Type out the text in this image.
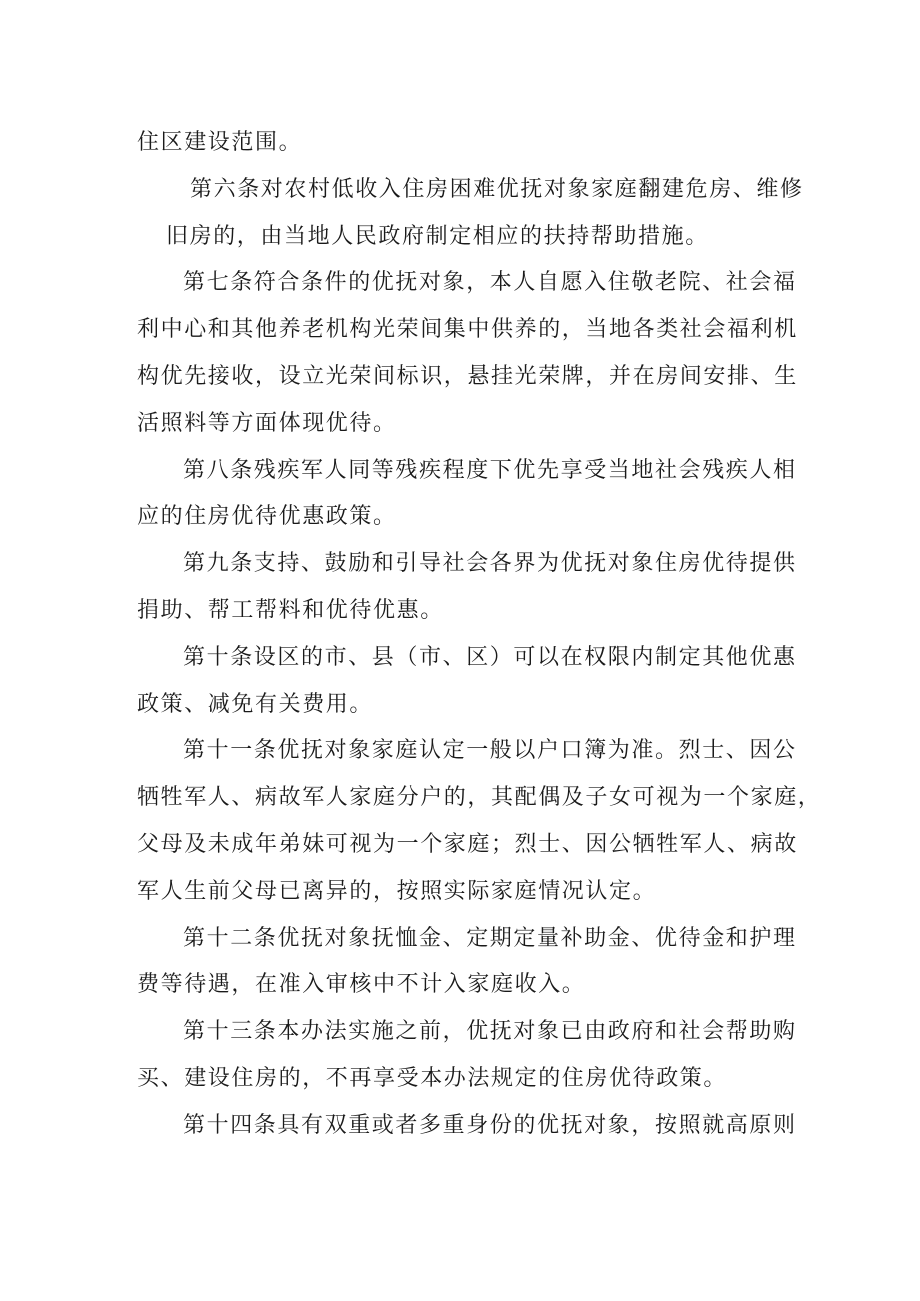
住区建设范围。
第六条对农村低收入住房困难优抚对象家庭翻建危房、维修
旧房的，由当地人民政府制定相应的扶持帮助措施。
第七条符合条件的优抚对象，本人自愿入住敬老院、社会福
利中心和其他养老机构光荣间集中供养的，当地各类社会福利机
构优先接收，设立光荣间标识，悬挂光荣牌，并在房间安排、生
活照料等方面体现优待。
第八条残疾军人同等残疾程度下优先享受当地社会残疾人相
应的住房优待优惠政策。
第九条支持、鼓励和引导社会各界为优抚对象住房优待提供
捐助、帮工帮料和优待优惠。
第十条设区的市、县（市、区）可以在权限内制定其他优惠
政策、减免有关费用。
第十一条优抚对象家庭认定一般以户口簿为准。烈士、因公
牺牲军人、病故军人家庭分户的，其配偶及子女可视为一个家庭，
父母及未成年弟妹可视为一个家庭；烈士、因公牺牲军人、病故
军人生前父母已离异的，按照实际家庭情况认定。
第十二条优抚对象抚恤金、定期定量补助金、优待金和护理
费等待遇，在准入审核中不计入家庭收入。
第十三条本办法实施之前，优抚对象已由政府和社会帮助购
买、建设住房的，不再享受本办法规定的住房优待政策。
第十四条具有双重或者多重身份的优抚对象，按照就高原则
